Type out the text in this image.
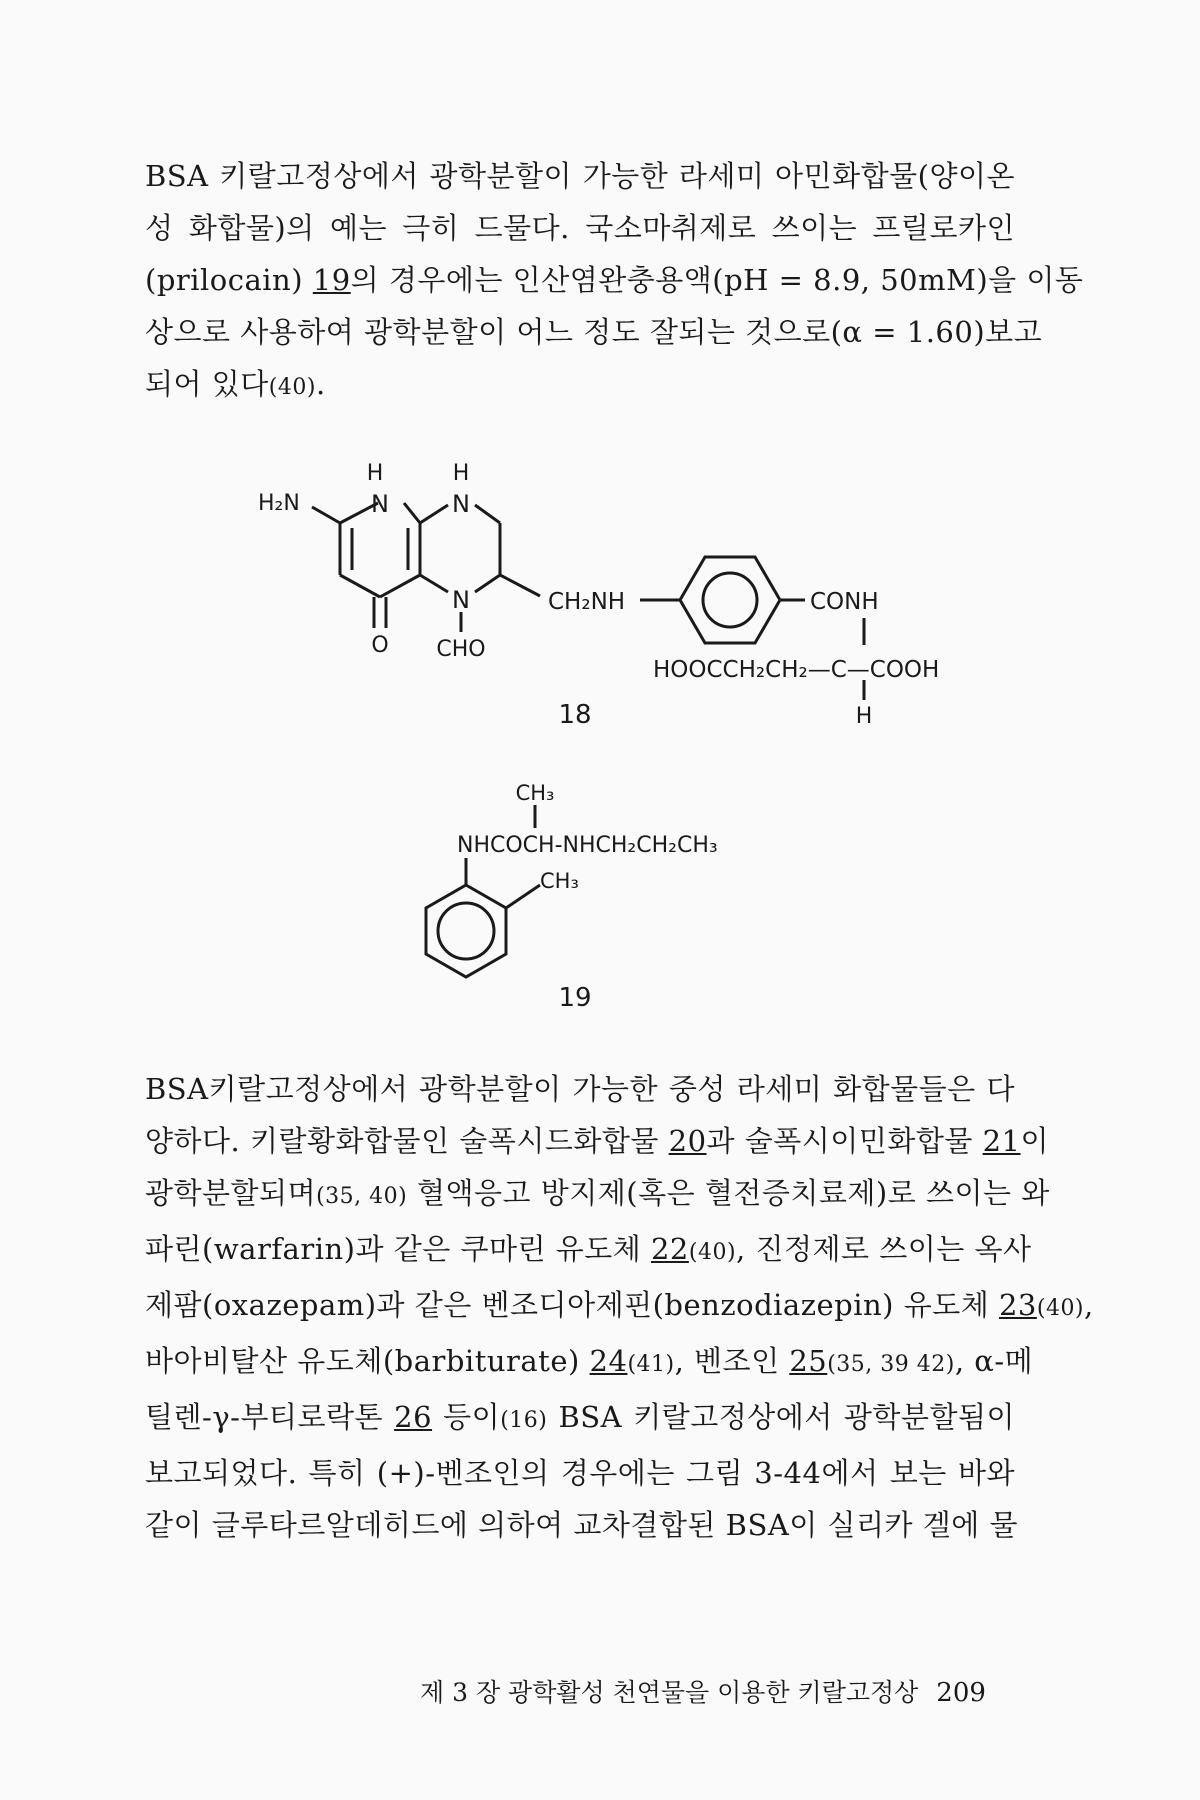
BSA 키랄고정상에서 광학분할이 가능한 라세미 아민화합물(양이온
성 화합물)의 예는 극히 드물다. 국소마취제로 쓰이는 프릴로카인
(prilocain) 19의 경우에는 인산염완충용액(pH = 8.9, 50mM)을 이동
상으로 사용하여 광학분할이 어느 정도 잘되는 것으로(α = 1.60)보고
되어 있다(40).
H	H
H₂N	N	N
N
O CHO
CH₂NH	CONH
HOOCCH₂CH₂—C—COOH
H
18
CH₃
NHCOCH-NHCH₂CH₂CH₃
CH₃
19
BSA키랄고정상에서 광학분할이 가능한 중성 라세미 화합물들은 다
양하다. 키랄황화합물인 술폭시드화합물 20과 술폭시이민화합물 21이
광학분할되며(35, 40) 혈액응고 방지제(혹은 혈전증치료제)로 쓰이는 와
파린(warfarin)과 같은 쿠마린 유도체 22(40), 진정제로 쓰이는 옥사
제팜(oxazepam)과 같은 벤조디아제핀(benzodiazepin) 유도체 23(40),
바아비탈산 유도체(barbiturate) 24(41), 벤조인 25(35, 39 42), α-메
틸렌-γ-부티로락톤 26 등이(16) BSA 키랄고정상에서 광학분할됨이
보고되었다. 특히 (+)-벤조인의 경우에는 그림 3-44에서 보는 바와
같이 글루타르알데히드에 의하여 교차결합된 BSA이 실리카 겔에 물
제 3 장 광학활성 천연물을 이용한 키랄고정상 209
